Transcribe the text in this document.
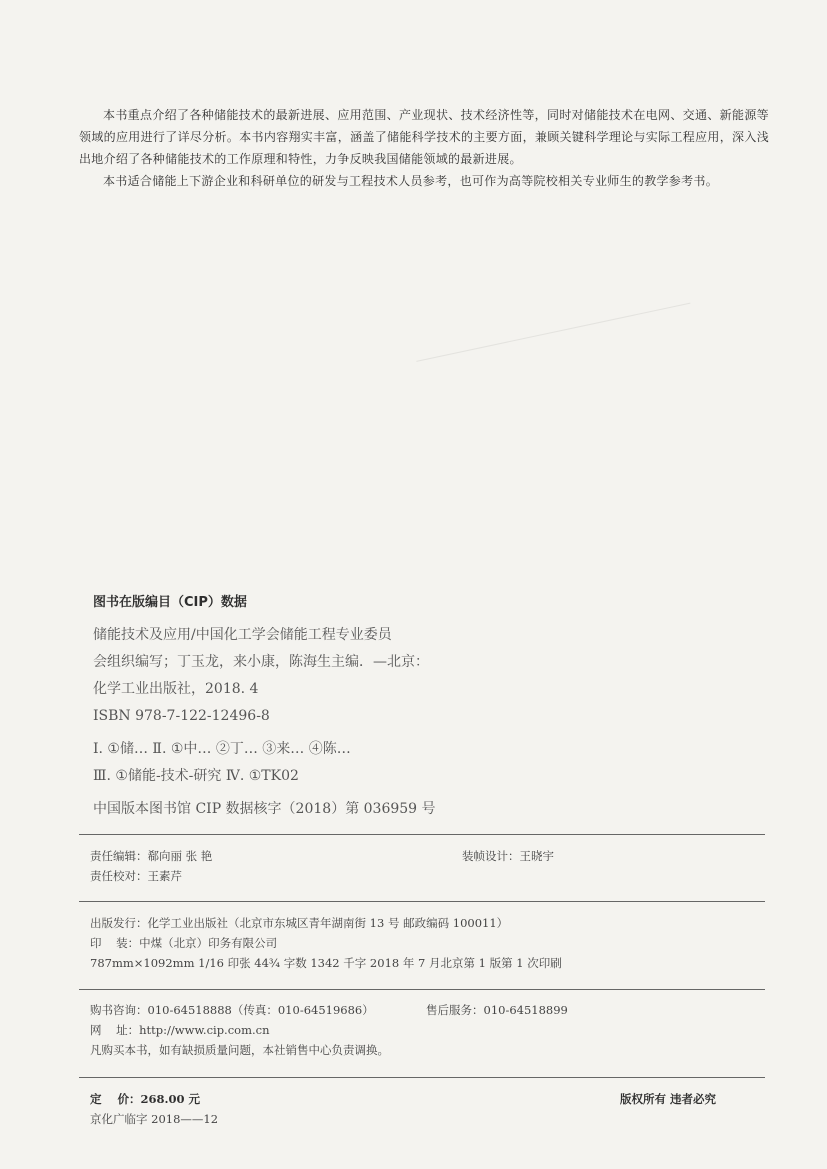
本书重点介绍了各种储能技术的最新进展、应用范围、产业现状、技术经济性等，同时对储能技术在电网、交通、新能源等领域的应用进行了详尽分析。本书内容翔实丰富，涵盖了储能科学技术的主要方面，兼顾关键科学理论与实际工程应用，深入浅出地介绍了各种储能技术的工作原理和特性，力争反映我国储能领域的最新进展。

本书适合储能上下游企业和科研单位的研发与工程技术人员参考，也可作为高等院校相关专业师生的教学参考书。

图书在版编目（CIP）数据
储能技术及应用/中国化工学会储能工程专业委员
会组织编写；丁玉龙，来小康，陈海生主编．—北京：
化学工业出版社，2018. 4
ISBN 978-7-122-12496-8
Ⅰ. ①储… Ⅱ. ①中… ②丁… ③来… ④陈…
Ⅲ. ①储能-技术-研究 Ⅳ. ①TK02
中国版本图书馆 CIP 数据核字（2018）第 036959 号
责任编辑：郗向丽 张 艳	装帧设计：王晓宇
责任校对：王素芹
出版发行：化学工业出版社（北京市东城区青年湖南街 13 号 邮政编码 100011）
印    装：中煤（北京）印务有限公司
787mm×1092mm 1/16 印张 44¾ 字数 1342 千字 2018 年 7 月北京第 1 版第 1 次印刷
购书咨询：010-64518888（传真：010-64519686）	售后服务：010-64518899
网    址：http://www.cip.com.cn
凡购买本书，如有缺损质量问题，本社销售中心负责调换。
定    价：268.00 元	版权所有 违者必究
京化广临字 2018——12
